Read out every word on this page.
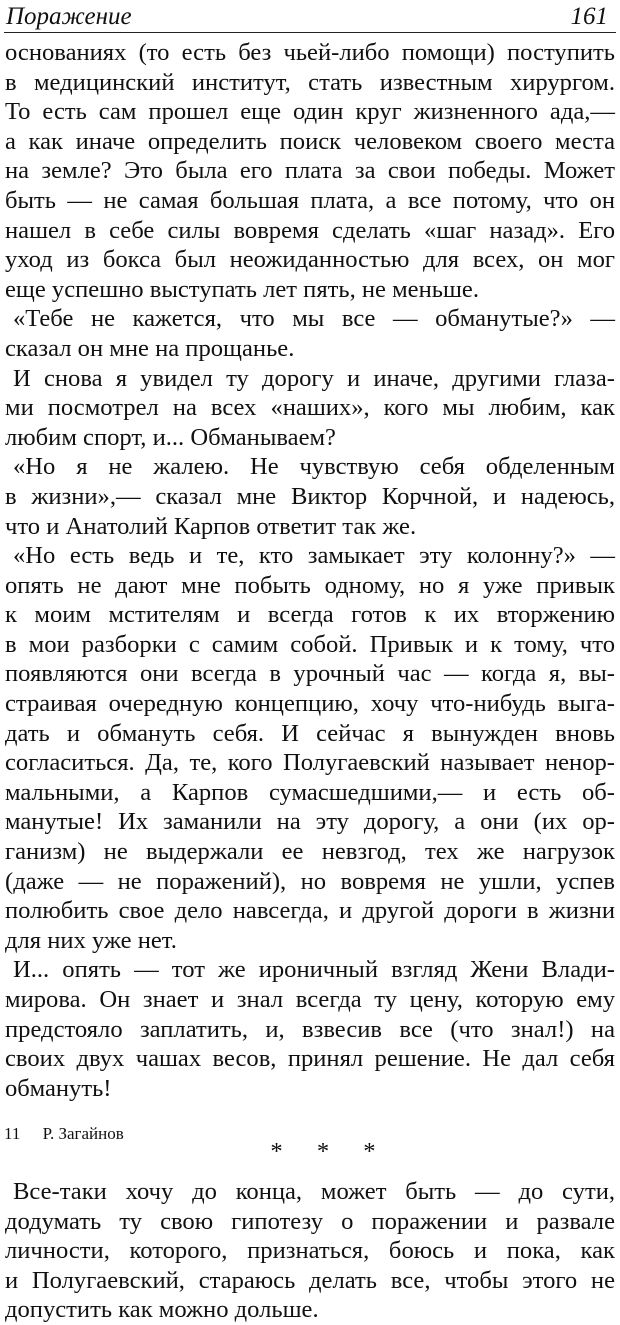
Поражение	161
основаниях (то есть без чьей-либо помощи) поступить
в медицинский институт, стать известным хирургом.
То есть сам прошел еще один круг жизненного ада,—
а как иначе определить поиск человеком своего места
на земле? Это была его плата за свои победы. Может
быть — не самая большая плата, а все потому, что он
нашел в себе силы вовремя сделать «шаг назад». Его
уход из бокса был неожиданностью для всех, он мог
еще успешно выступать лет пять, не меньше.
«Тебе не кажется, что мы все — обманутые?» —
сказал он мне на прощанье.
И снова я увидел ту дорогу и иначе, другими глаза-
ми посмотрел на всех «наших», кого мы любим, как
любим спорт, и... Обманываем?
«Но я не жалею. Не чувствую себя обделенным
в жизни»,— сказал мне Виктор Корчной, и надеюсь,
что и Анатолий Карпов ответит так же.
«Но есть ведь и те, кто замыкает эту колонну?» —
опять не дают мне побыть одному, но я уже привык
к моим мстителям и всегда готов к их вторжению
в мои разборки с самим собой. Привык и к тому, что
появляются они всегда в урочный час — когда я, вы-
страивая очередную концепцию, хочу что-нибудь выга-
дать и обмануть себя. И сейчас я вынужден вновь
согласиться. Да, те, кого Полугаевский называет ненор-
мальными, а Карпов сумасшедшими,— и есть об-
манутые! Их заманили на эту дорогу, а они (их ор-
ганизм) не выдержали ее невзгод, тех же нагрузок
(даже — не поражений), но вовремя не ушли, успев
полюбить свое дело навсегда, и другой дороги в жизни
для них уже нет.
И... опять — тот же ироничный взгляд Жени Влади-
мирова. Он знает и знал всегда ту цену, которую ему
предстояло заплатить, и, взвесив все (что знал!) на
своих двух чашах весов, принял решение. Не дал себя
обмануть!
* * *
Все-таки хочу до конца, может быть — до сути,
додумать ту свою гипотезу о поражении и развале
личности, которого, признаться, боюсь и пока, как
и Полугаевский, стараюсь делать все, чтобы этого не
допустить как можно дольше.
11 Р. Загайнов
